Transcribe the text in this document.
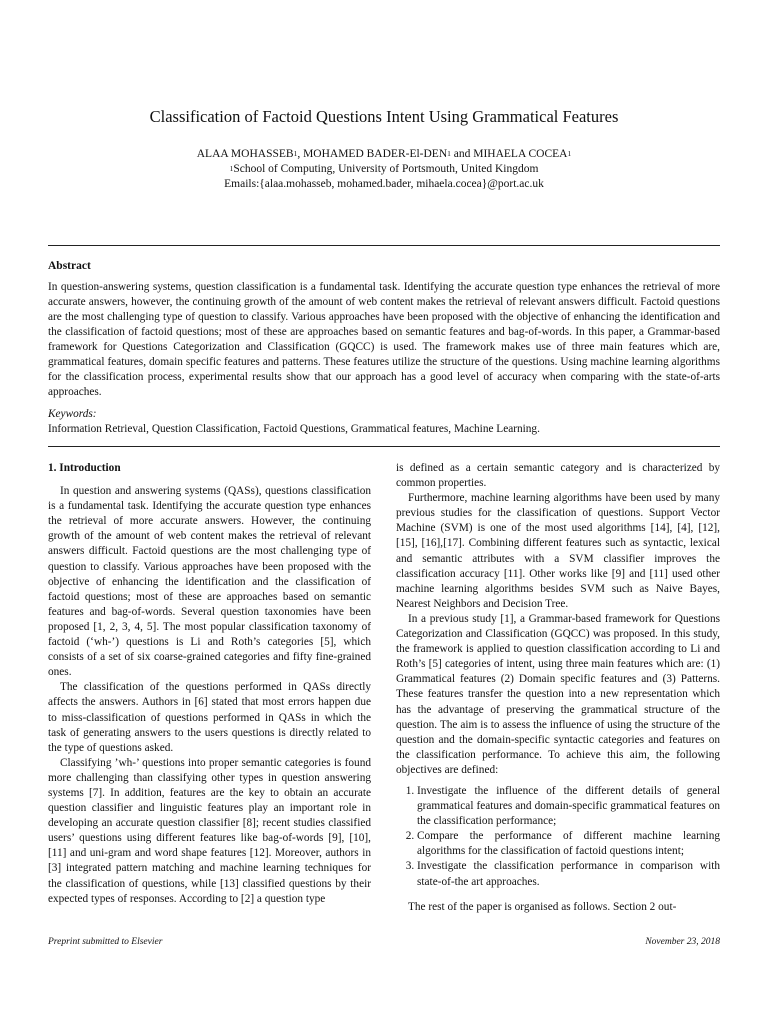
Classification of Factoid Questions Intent Using Grammatical Features
ALAA MOHASSEB$^1$, MOHAMED BADER-El-DEN$^1$ and MIHAELA COCEA$^1$
$^1$School of Computing, University of Portsmouth, United Kingdom
Emails:{alaa.mohasseb, mohamed.bader, mihaela.cocea}@port.ac.uk
Abstract

In question-answering systems, question classification is a fundamental task. Identifying the accurate question type enhances the retrieval of more accurate answers, however, the continuing growth of the amount of web content makes the retrieval of relevant answers difficult. Factoid questions are the most challenging type of question to classify. Various approaches have been proposed with the objective of enhancing the identification and the classification of factoid questions; most of these are approaches based on semantic features and bag-of-words. In this paper, a Grammar-based framework for Questions Categorization and Classification (GQCC) is used. The framework makes use of three main features which are, grammatical features, domain specific features and patterns. These features utilize the structure of the questions. Using machine learning algorithms for the classification process, experimental results show that our approach has a good level of accuracy when comparing with the state-of-arts approaches.

Keywords:
Information Retrieval, Question Classification, Factoid Questions, Grammatical features, Machine Learning.
1. Introduction

In question and answering systems (QASs), questions classification is a fundamental task. Identifying the accurate question type enhances the retrieval of more accurate answers. However, the continuing growth of the amount of web content makes the retrieval of relevant answers difficult. Factoid questions are the most challenging type of question to classify. Various approaches have been proposed with the objective of enhancing the identification and the classification of factoid questions; most of these are approaches based on semantic features and bag-of-words. Several question taxonomies have been proposed [1, 2, 3, 4, 5]. The most popular classification taxonomy of factoid (‘wh-’) questions is Li and Roth’s categories [5], which consists of a set of six coarse-grained categories and fifty fine-grained ones.

The classification of the questions performed in QASs directly affects the answers. Authors in [6] stated that most errors happen due to miss-classification of questions performed in QASs in which the task of generating answers to the users questions is directly related to the type of questions asked.

Classifying ’wh-’ questions into proper semantic categories is found more challenging than classifying other types in question answering systems [7]. In addition, features are the key to obtain an accurate question classifier and linguistic features play an important role in developing an accurate question classifier [8]; recent studies classified users’ questions using different features like bag-of-words [9], [10], [11] and uni-gram and word shape features [12]. Moreover, authors in [3] integrated pattern matching and machine learning techniques for the classification of questions, while [13] classified questions by their expected types of responses. According to [2] a question type

is defined as a certain semantic category and is characterized by common properties.

Furthermore, machine learning algorithms have been used by many previous studies for the classification of questions. Support Vector Machine (SVM) is one of the most used algorithms [14], [4], [12], [15], [16],[17]. Combining different features such as syntactic, lexical and semantic attributes with a SVM classifier improves the classification accuracy [11]. Other works like [9] and [11] used other machine learning algorithms besides SVM such as Naive Bayes, Nearest Neighbors and Decision Tree.

In a previous study [1], a Grammar-based framework for Questions Categorization and Classification (GQCC) was proposed. In this study, the framework is applied to question classification according to Li and Roth’s [5] categories of intent, using three main features which are: (1) Grammatical features (2) Domain specific features and (3) Patterns. These features transfer the question into a new representation which has the advantage of preserving the grammatical structure of the question. The aim is to assess the influence of using the structure of the question and the domain-specific syntactic categories and features on the classification performance. To achieve this aim, the following objectives are defined:

1. Investigate the influence of the different details of general grammatical features and domain-specific grammatical features on the classification performance;
2. Compare the performance of different machine learning algorithms for the classification of factoid questions intent;
3. Investigate the classification performance in comparison with state-of-the art approaches.

The rest of the paper is organised as follows. Section 2 out-

Preprint submitted to Elsevier	November 23, 2018
